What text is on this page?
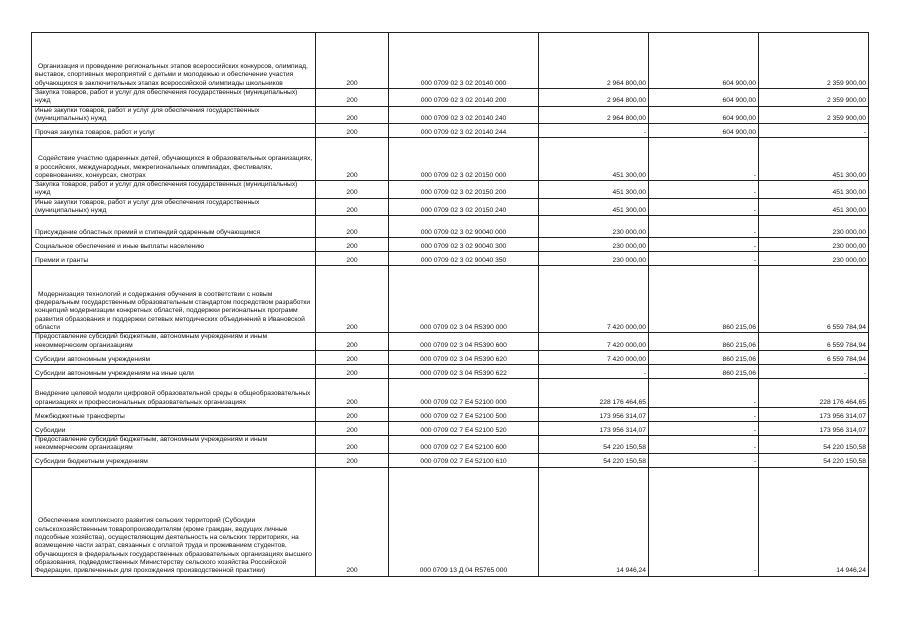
Организация и проведение региональных этапов всероссийских конкурсов, олимпиад, выставок, спортивных мероприятий с детьми и молодежью и обеспечение участия обучающихся в заключительных этапах всероссийской олимпиады школьников	200	000 0709 02 3 02 20140 000	2 964 800,00	604 900,00	2 359 900,00

Закупка товаров, работ и услуг для обеспечения государственных (муниципальных) нужд	200	000 0709 02 3 02 20140 200	2 964 800,00	604 900,00	2 359 900,00

Иные закупки товаров, работ и услуг для обеспечения государственных (муниципальных) нужд	200	000 0709 02 3 02 20140 240	2 964 800,00	604 900,00	2 359 900,00

Прочая закупка товаров, работ и услуг	200	000 0709 02 3 02 20140 244	-	604 900,00	-

Содействие участию одаренных детей, обучающихся в образовательных организациях, в российских, международных, межрегиональных олимпиадах, фестивалях, соревнованиях, конкурсах, смотрах	200	000 0709 02 3 02 20150 000	451 300,00	-	451 300,00

Закупка товаров, работ и услуг для обеспечения государственных (муниципальных) нужд	200	000 0709 02 3 02 20150 200	451 300,00	-	451 300,00

Иные закупки товаров, работ и услуг для обеспечения государственных (муниципальных) нужд	200	000 0709 02 3 02 20150 240	451 300,00	-	451 300,00

Присуждение областных премий и стипендий одаренным обучающимся	200	000 0709 02 3 02 90040 000	230 000,00	-	230 000,00

Социальное обеспечение и иные выплаты населению	200	000 0709 02 3 02 90040 300	230 000,00	-	230 000,00

Премии и гранты	200	000 0709 02 3 02 90040 350	230 000,00	-	230 000,00

Модернизация технологий и содержания обучения в соответствии с новым федеральным государственным образовательным стандартом посредством разработки концепций модернизации конкретных областей, поддержки региональных программ развития образования и поддержки сетевых методических объединений в Ивановской области	200	000 0709 02 3 04 R5390 000	7 420 000,00	860 215,06	6 559 784,94

Предоставление субсидий бюджетным, автономным учреждениям и иным некоммерческим организациям	200	000 0709 02 3 04 R5390 600	7 420 000,00	860 215,06	6 559 784,94

Субсидии автономным учреждениям	200	000 0709 02 3 04 R5390 620	7 420 000,00	860 215,06	6 559 784,94

Субсидии автономным учреждениям на иные цели	200	000 0709 02 3 04 R5390 622	-	860 215,06	-

Внедрение целевой модели цифровой образовательной среды в общеобразовательных организациях и профессиональных образовательных организациях	200	000 0709 02 7 E4 52100 000	228 176 464,65	-	228 176 464,65

Межбюджетные трансферты	200	000 0709 02 7 E4 52100 500	173 956 314,07	-	173 956 314,07

Субсидии	200	000 0709 02 7 E4 52100 520	173 956 314,07	-	173 956 314,07

Предоставление субсидий бюджетным, автономным учреждениям и иным некоммерческим организациям	200	000 0709 02 7 E4 52100 600	54 220 150,58	-	54 220 150,58

Субсидии бюджетным учреждениям	200	000 0709 02 7 E4 52100 610	54 220 150,58	-	54 220 150,58

Обеспечение комплексного развития сельских территорий (Субсидии сельскохозяйственным товаропроизводителям (кроме граждан, ведущих личные подсобные хозяйства), осуществляющим деятельность на сельских территориях, на возмещение части затрат, связанных с оплатой труда и проживанием студентов, обучающихся в федеральных государственных образовательных организациях высшего образования, подведомственных Министерству сельского хозяйства Российской Федерации, привлеченных для прохождения производственной практики)	200	000 0709 13 Д 04 R5765 000	14 946,24	-	14 946,24
